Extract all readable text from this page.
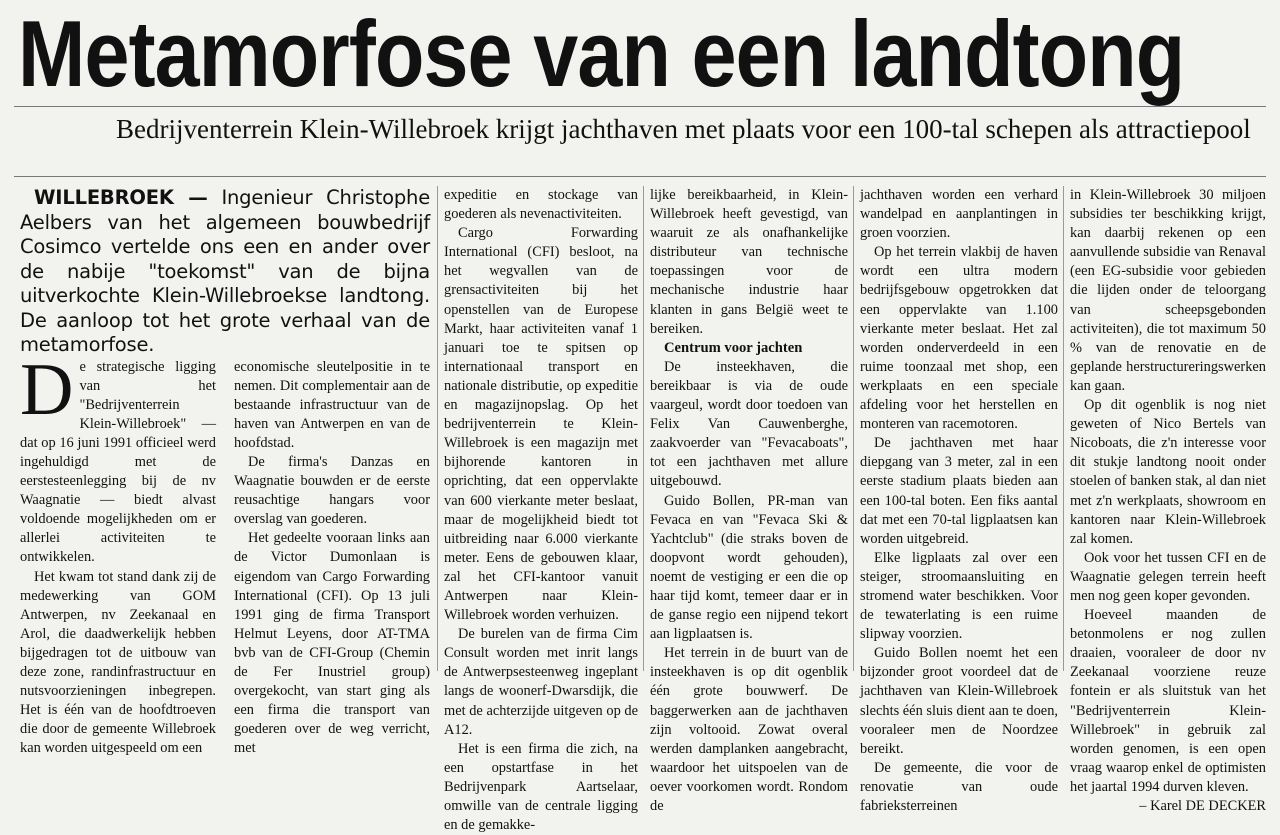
Metamorfose van een landtong

Bedrijventerrein Klein-Willebroek krijgt jachthaven met plaats voor een 100-tal schepen als attractiepool

WILLEBROEK — Ingenieur Christophe Aelbers van het algemeen bouwbedrijf Cosimco vertelde ons een en ander over de nabije "toekomst" van de bijna uitverkochte Klein-Willebroekse landtong. De aanloop tot het grote verhaal van de metamorfose.

D e strategische ligging van het "Bedrijventerrein Klein-Willebroek" — dat op 16 juni 1991 officieel werd ingehuldigd met de eerstesteenlegging bij de nv Waagnatie — biedt alvast voldoende mogelijkheden om er allerlei activiteiten te ontwikkelen.

Het kwam tot stand dank zij de medewerking van GOM Antwerpen, nv Zeekanaal en Arol, die daadwerkelijk hebben bijgedragen tot de uitbouw van deze zone, randinfrastructuur en nutsvoorzieningen inbegrepen. Het is één van de hoofdtroeven die door de gemeente Willebroek kan worden uitgespeeld om een

economische sleutelpositie in te nemen. Dit complementair aan de bestaande infrastructuur van de haven van Antwerpen en van de hoofdstad.

De firma's Danzas en Waagnatie bouwden er de eerste reusachtige hangars voor overslag van goederen.

Het gedeelte vooraan links aan de Victor Dumonlaan is eigendom van Cargo Forwarding International (CFI). Op 13 juli 1991 ging de firma Transport Helmut Leyens, door AT-TMA bvb van de CFI-Group (Chemin de Fer Inustriel group) overgekocht, van start ging als een firma die transport van goederen over de weg verricht, met

expeditie en stockage van goederen als nevenactiviteiten.

Cargo Forwarding International (CFI) besloot, na het wegvallen van de grensactiviteiten bij het openstellen van de Europese Markt, haar activiteiten vanaf 1 januari toe te spitsen op internationaal transport en nationale distributie, op expeditie en magazijnopslag. Op het bedrijventerrein te Klein-Willebroek is een magazijn met bijhorende kantoren in oprichting, dat een oppervlakte van 600 vierkante meter beslaat, maar de mogelijkheid biedt tot uitbreiding naar 6.000 vierkante meter. Eens de gebouwen klaar, zal het CFI-kantoor vanuit Antwerpen naar Klein-Willebroek worden verhuizen.

De burelen van de firma Cim Consult worden met inrit langs de Antwerpsesteenweg ingeplant langs de woonerf-Dwarsdijk, die met de achterzijde uitgeven op de A12.

Het is een firma die zich, na een opstartfase in het Bedrijvenpark Aartselaar, omwille van de centrale ligging en de gemakke-

lijke bereikbaarheid, in Klein-Willebroek heeft gevestigd, van waaruit ze als onafhankelijke distributeur van technische toepassingen voor de mechanische industrie haar klanten in gans België weet te bereiken.

Centrum voor jachten

De insteekhaven, die bereikbaar is via de oude vaargeul, wordt door toedoen van Felix Van Cauwenberghe, zaakvoerder van "Fevacaboats", tot een jachthaven met allure uitgebouwd.

Guido Bollen, PR-man van Fevaca en van "Fevaca Ski & Yachtclub" (die straks boven de doopvont wordt gehouden), noemt de vestiging er een die op haar tijd komt, temeer daar er in de ganse regio een nijpend tekort aan ligplaatsen is.

Het terrein in de buurt van de insteekhaven is op dit ogenblik één grote bouwwerf. De baggerwerken aan de jachthaven zijn voltooid. Zowat overal werden damplanken aangebracht, waardoor het uitspoelen van de oever voorkomen wordt. Rondom de

jachthaven worden een verhard wandelpad en aanplantingen in groen voorzien.

Op het terrein vlakbij de haven wordt een ultra modern bedrijfsgebouw opgetrokken dat een oppervlakte van 1.100 vierkante meter beslaat. Het zal worden onderverdeeld in een ruime toonzaal met shop, een werkplaats en een speciale afdeling voor het herstellen en monteren van racemotoren.

De jachthaven met haar diepgang van 3 meter, zal in een eerste stadium plaats bieden aan een 100-tal boten. Een fiks aantal dat met een 70-tal ligplaatsen kan worden uitgebreid.

Elke ligplaats zal over een steiger, stroomaansluiting en stromend water beschikken. Voor de tewaterlating is een ruime slipway voorzien.

Guido Bollen noemt het een bijzonder groot voordeel dat de jachthaven van Klein-Willebroek slechts één sluis dient aan te doen, vooraleer men de Noordzee bereikt.

De gemeente, die voor de renovatie van oude fabrieksterreinen

in Klein-Willebroek 30 miljoen subsidies ter beschikking krijgt, kan daarbij rekenen op een aanvullende subsidie van Renaval (een EG-subsidie voor gebieden die lijden onder de teloorgang van scheepsgebonden activiteiten), die tot maximum 50 % van de renovatie en de geplande herstructureringswerken kan gaan.

Op dit ogenblik is nog niet geweten of Nico Bertels van Nicoboats, die z'n interesse voor dit stukje landtong nooit onder stoelen of banken stak, al dan niet met z'n werkplaats, showroom en kantoren naar Klein-Willebroek zal komen.

Ook voor het tussen CFI en de Waagnatie gelegen terrein heeft men nog geen koper gevonden.

Hoeveel maanden de betonmolens er nog zullen draaien, vooraleer de door nv Zeekanaal voorziene reuze fontein er als sluitstuk van het "Bedrijventerrein Klein-Willebroek" in gebruik zal worden genomen, is een open vraag waarop enkel de optimisten het jaartal 1994 durven kleven.

– Karel DE DECKER
